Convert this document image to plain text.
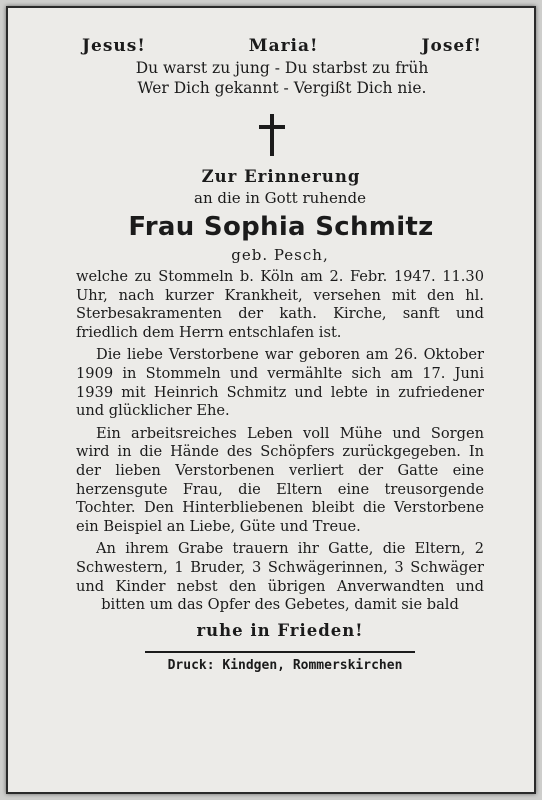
Jesus!	Maria!	Josef!
Du warst zu jung - Du starbst zu früh
Wer Dich gekannt - Vergißt Dich nie.
Zur Erinnerung
an die in Gott ruhende
Frau Sophia Schmitz
geb. Pesch,

welche zu Stommeln b. Köln am 2. Febr. 1947. 11.30 Uhr, nach kurzer Krankheit, versehen mit den hl. Sterbesakramenten der kath. Kirche, sanft und friedlich dem Herrn entschlafen ist.

Die liebe Verstorbene war geboren am 26. Oktober 1909 in Stommeln und vermählte sich am 17. Juni 1939 mit Heinrich Schmitz und lebte in zufriedener und glücklicher Ehe.

Ein arbeitsreiches Leben voll Mühe und Sorgen wird in die Hände des Schöpfers zurückgegeben. In der lieben Verstorbenen verliert der Gatte eine herzensgute Frau, die Eltern eine treusorgende Tochter. Den Hinterbliebenen bleibt die Verstorbene ein Beispiel an Liebe, Güte und Treue.

An ihrem Grabe trauern ihr Gatte, die Eltern, 2 Schwestern, 1 Bruder, 3 Schwägerinnen, 3 Schwäger und Kinder nebst den übrigen Anverwandten und bitten um das Opfer des Gebetes, damit sie bald

ruhe in Frieden!
Druck: Kindgen, Rommerskirchen
